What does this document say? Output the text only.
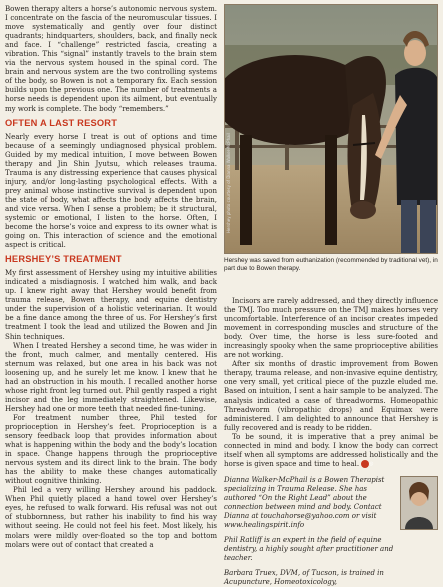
Bowen therapy alters a horse’s autonomic nervous system. I concentrate on the fascia of the neuromuscular tissues. I move systematically and gently over four distinct quadrants; hindquarters, shoulders, back, and finally neck and face. I “challenge” restricted fascia, creating a vibration. This “signal” instantly travels to the brain stem via the nervous system housed in the spinal cord. The brain and nervous system are the two controlling systems of the body, so Bowen is not a temporary fix. Each session builds upon the previous one. The number of treatments a horse needs is dependent upon its ailment, but eventually my work is complete. The body “remembers.”

OFTEN A LAST RESORT

Nearly every horse I treat is out of options and time because of a seemingly undiagnosed physical problem. Guided by my medical intuition, I move between Bowen therapy and Jin Shin Jyutsu, which releases trauma. Trauma is any distressing experience that causes physical injury, and/or long-lasting psychological effects. With a prey animal whose instinctive survival is dependent upon the state of body, what affects the body affects the brain, and vice versa. When I sense a problem; be it structural, systemic or emotional, I listen to the horse. Often, I become the horse’s voice and express to its owner what is going on. This interaction of science and the emotional aspect is critical.

HERSHEY’S TREATMENT

My first assessment of Hershey using my intuitive abilities indicated a misdiagnosis. I watched him walk, and back up. I knew right away that Hershey would benefit from trauma release, Bowen therapy, and equine dentistry under the supervision of a holistic veterinarian. It would be a fine dance among the three of us. For Hershey’s first treatment I took the lead and utilized the Bowen and Jin Shin techniques.

When I treated Hershey a second time, he was wider in the front, much calmer, and mentally centered. His sternum was relaxed, but one area in his back was not loosening up, and he surely let me know. I knew that he had an obstruction in his mouth. I recalled another horse whose right front leg turned out. Phil gently rasped a right incisor and the leg immediately straightened. Likewise, Hershey had one or more teeth that needed fine-tuning.

For treatment number three, Phil tested for proprioception in Hershey’s feet. Proprioception is a sensory feedback loop that provides information about what is happening within the body and the body’s location in space. Change happens through the proprioceptive nervous system and its direct link to the brain. The body has the ability to make these changes automatically without cognitive thinking.

Phil led a very willing Hershey around his paddock. When Phil quietly placed a hand towel over Hershey’s eyes, he refused to walk forward. His refusal was not out of stubbornness, but rather his inability to find his way without seeing. He could not feel his feet. Most likely, his molars were mildly over-floated so the top and bottom molars were out of contact that created a

Hershey photo courtesy of Dianna Walker-McPhail
Hershey was saved from euthanization (recommended by traditional vet), in part due to Bowen therapy.

Incisors are rarely addressed, and they directly influence the TMJ. Too much pressure on the TMJ makes horses very uncomfortable. Interference of an incisor creates impeded movement in corresponding muscles and structure of the body. Over time, the horse is less sure-footed and increasingly spooky when the same proprioceptive abilities are not working.

After six months of drastic improvement from Bowen therapy, trauma release, and non-invasive equine dentistry, one very small, yet critical piece of the puzzle eluded me. Based on intuition, I sent a hair sample to be analyzed. The analysis indicated a case of threadworms. Homeopathic Threadworm (vibropathic drops) and Equimax were administered. I am delighted to announce that Hershey is fully recovered and is ready to be ridden.

To be sound, it is imperative that a prey animal be connected in mind and body. I know the body can correct itself when all symptoms are addressed holistically and the horse is given space and time to heal. ◎

Dianna Walker-McPhail is a Bowen Therapist specializing in Trauma Release. She has authored “On the Right Lead” about the connection between mind and body. Contact Dianna at touchahorse@yahoo.com or visit www.healingspirit.info

Phil Ratliff is an expert in the field of equine dentistry, a highly sought after practitioner and teacher.

Barbara Truex, DVM, of Tucson, is trained in Acupuncture, Homeotoxicology,
